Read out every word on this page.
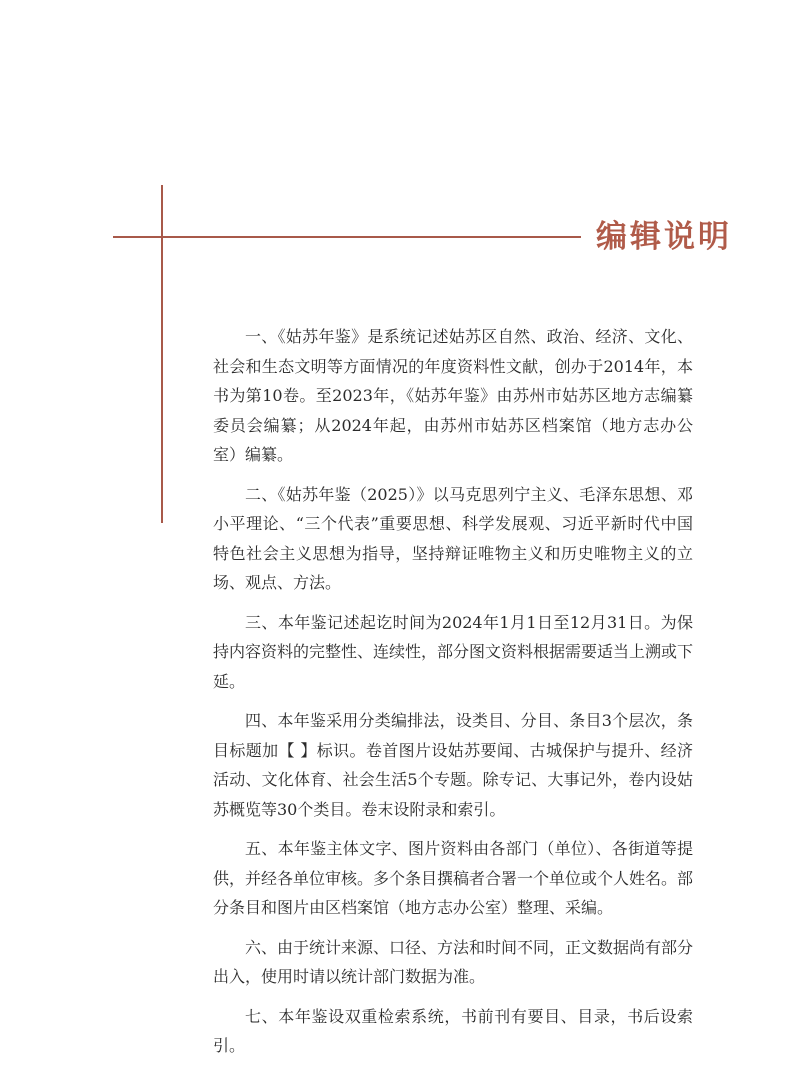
编辑说明

一、《姑苏年鉴》是系统记述姑苏区自然、政治、经济、文化、社会和生态文明等方面情况的年度资料性文献，创办于2014年，本书为第10卷。至2023年，《姑苏年鉴》由苏州市姑苏区地方志编纂委员会编纂；从2024年起，由苏州市姑苏区档案馆（地方志办公室）编纂。

二、《姑苏年鉴（2025）》以马克思列宁主义、毛泽东思想、邓小平理论、“三个代表”重要思想、科学发展观、习近平新时代中国特色社会主义思想为指导，坚持辩证唯物主义和历史唯物主义的立场、观点、方法。

三、本年鉴记述起讫时间为2024年1月1日至12月31日。为保持内容资料的完整性、连续性，部分图文资料根据需要适当上溯或下延。

四、本年鉴采用分类编排法，设类目、分目、条目3个层次，条目标题加【 】标识。卷首图片设姑苏要闻、古城保护与提升、经济活动、文化体育、社会生活5个专题。除专记、大事记外，卷内设姑苏概览等30个类目。卷末设附录和索引。

五、本年鉴主体文字、图片资料由各部门（单位）、各街道等提供，并经各单位审核。多个条目撰稿者合署一个单位或个人姓名。部分条目和图片由区档案馆（地方志办公室）整理、采编。

六、由于统计来源、口径、方法和时间不同，正文数据尚有部分出入，使用时请以统计部门数据为准。

七、本年鉴设双重检索系统，书前刊有要目、目录，书后设索引。
